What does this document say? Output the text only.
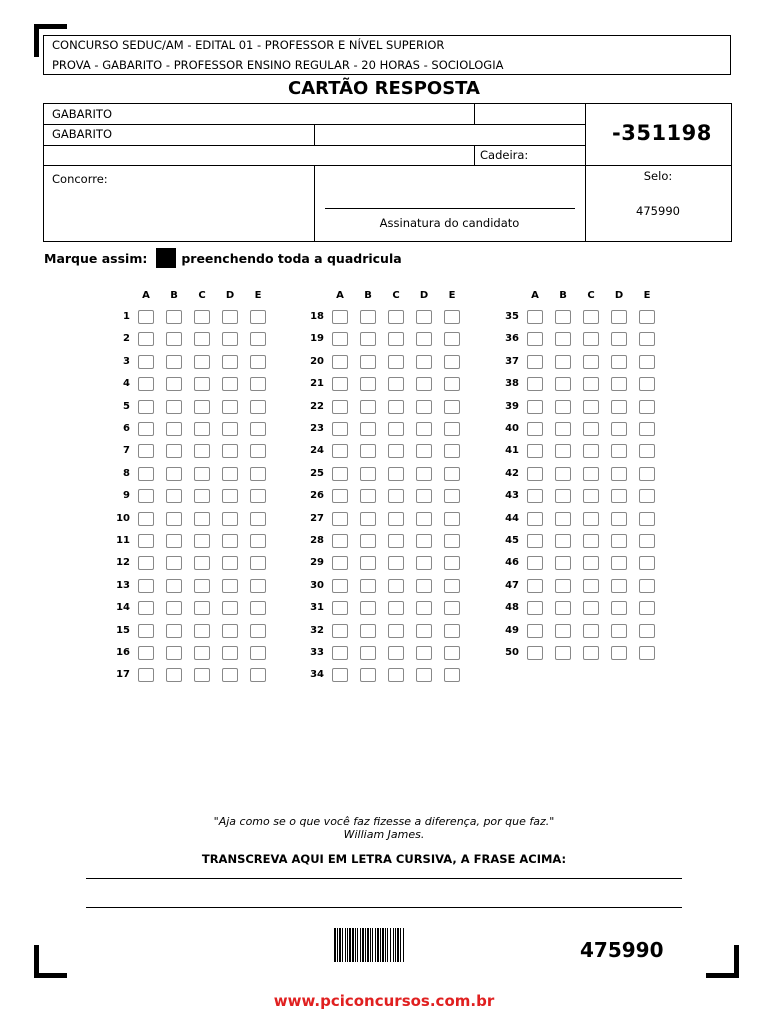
CONCURSO SEDUC/AM - EDITAL 01 - PROFESSOR E NÍVEL SUPERIOR
PROVA - GABARITO - PROFESSOR ENSINO REGULAR - 20 HORAS - SOCIOLOGIA
CARTÃO RESPOSTA
GABARITO
GABARITO
Cadeira:
-351198
Concorre:
Assinatura do candidato
Selo:
475990
Marque assim:	preenchendo toda a quadricula
A	B	C	D	E
1
2
3
4
5
6
7
8
9
10
11
12
13
14
15
16
17
A	B	C	D	E
18
19
20
21
22
23
24
25
26
27
28
29
30
31
32
33
34
A	B	C	D	E
35
36
37
38
39
40
41
42
43
44
45
46
47
48
49
50
"Aja como se o que você faz fizesse a diferença, por que faz."
William James.
TRANSCREVA AQUI EM LETRA CURSIVA, A FRASE ACIMA:
475990
www.pciconcursos.com.br
